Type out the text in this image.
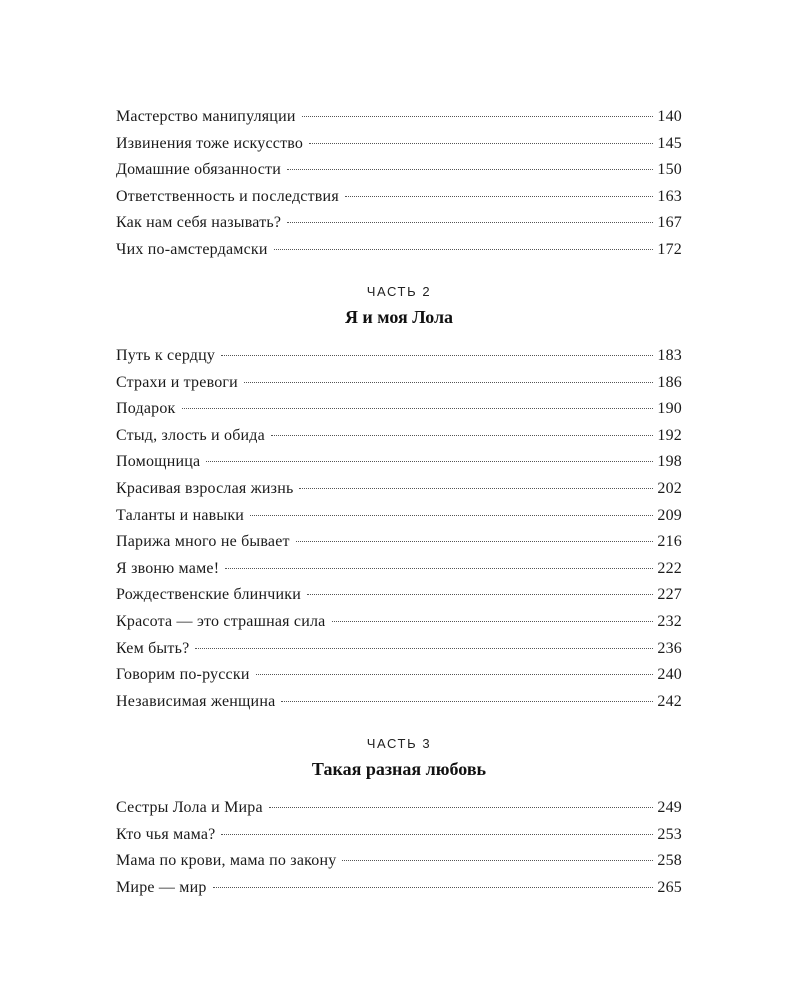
Мастерство манипуляции	140
Извинения тоже искусство	145
Домашние обязанности	150
Ответственность и последствия	163
Как нам себя называть?	167
Чих по-амстердамски	172
ЧАСТЬ 2
Я и моя Лола
Путь к сердцу	183
Страхи и тревоги	186
Подарок	190
Стыд, злость и обида	192
Помощница	198
Красивая взрослая жизнь	202
Таланты и навыки	209
Парижа много не бывает	216
Я звоню маме!	222
Рождественские блинчики	227
Красота — это страшная сила	232
Кем быть?	236
Говорим по-русски	240
Независимая женщина	242
ЧАСТЬ 3
Такая разная любовь
Сестры Лола и Мира	249
Кто чья мама?	253
Мама по крови, мама по закону	258
Мире — мир	265
